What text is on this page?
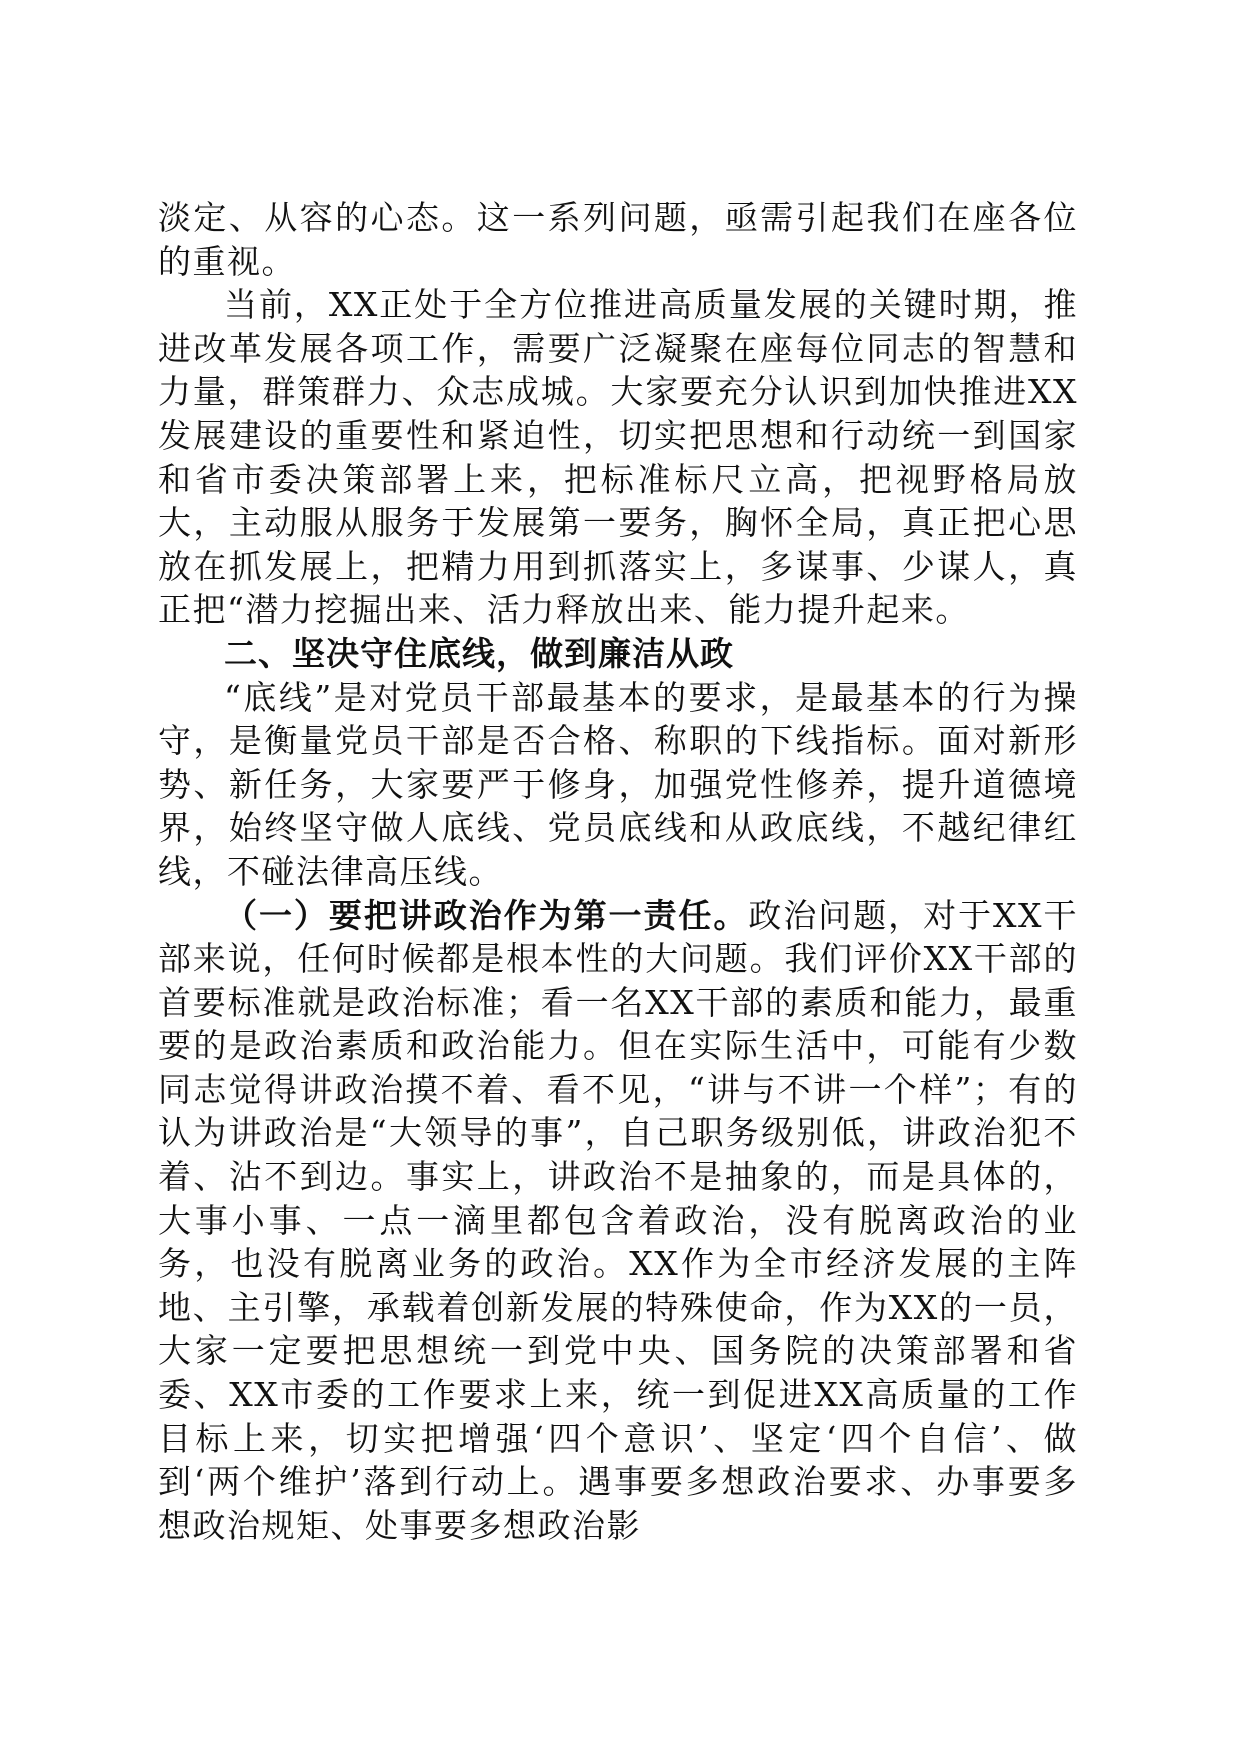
淡定、从容的心态。这一系列问题，亟需引起我们在座各位的重视。

当前，XX正处于全方位推进高质量发展的关键时期，推进改革发展各项工作，需要广泛凝聚在座每位同志的智慧和力量，群策群力、众志成城。大家要充分认识到加快推进XX发展建设的重要性和紧迫性，切实把思想和行动统一到国家和省市委决策部署上来，把标准标尺立高，把视野格局放大，主动服从服务于发展第一要务，胸怀全局，真正把心思放在抓发展上，把精力用到抓落实上，多谋事、少谋人，真正把“潜力挖掘出来、活力释放出来、能力提升起来。

二、坚决守住底线，做到廉洁从政

“底线”是对党员干部最基本的要求，是最基本的行为操守，是衡量党员干部是否合格、称职的下线指标。面对新形势、新任务，大家要严于修身，加强党性修养，提升道德境界，始终坚守做人底线、党员底线和从政底线，不越纪律红线，不碰法律高压线。

（一）要把讲政治作为第一责任。政治问题，对于XX干部来说，任何时候都是根本性的大问题。我们评价XX干部的首要标准就是政治标准；看一名XX干部的素质和能力，最重要的是政治素质和政治能力。但在实际生活中，可能有少数同志觉得讲政治摸不着、看不见，“讲与不讲一个样”；有的认为讲政治是“大领导的事”，自己职务级别低，讲政治犯不着、沾不到边。事实上，讲政治不是抽象的，而是具体的，大事小事、一点一滴里都包含着政治，没有脱离政治的业务，也没有脱离业务的政治。XX作为全市经济发展的主阵地、主引擎，承载着创新发展的特殊使命，作为XX的一员，大家一定要把思想统一到党中央、国务院的决策部署和省委、XX市委的工作要求上来，统一到促进XX高质量的工作目标上来，切实把增强‘四个意识’、坚定‘四个自信’、做到‘两个维护’落到行动上。遇事要多想政治要求、办事要多想政治规矩、处事要多想政治影
